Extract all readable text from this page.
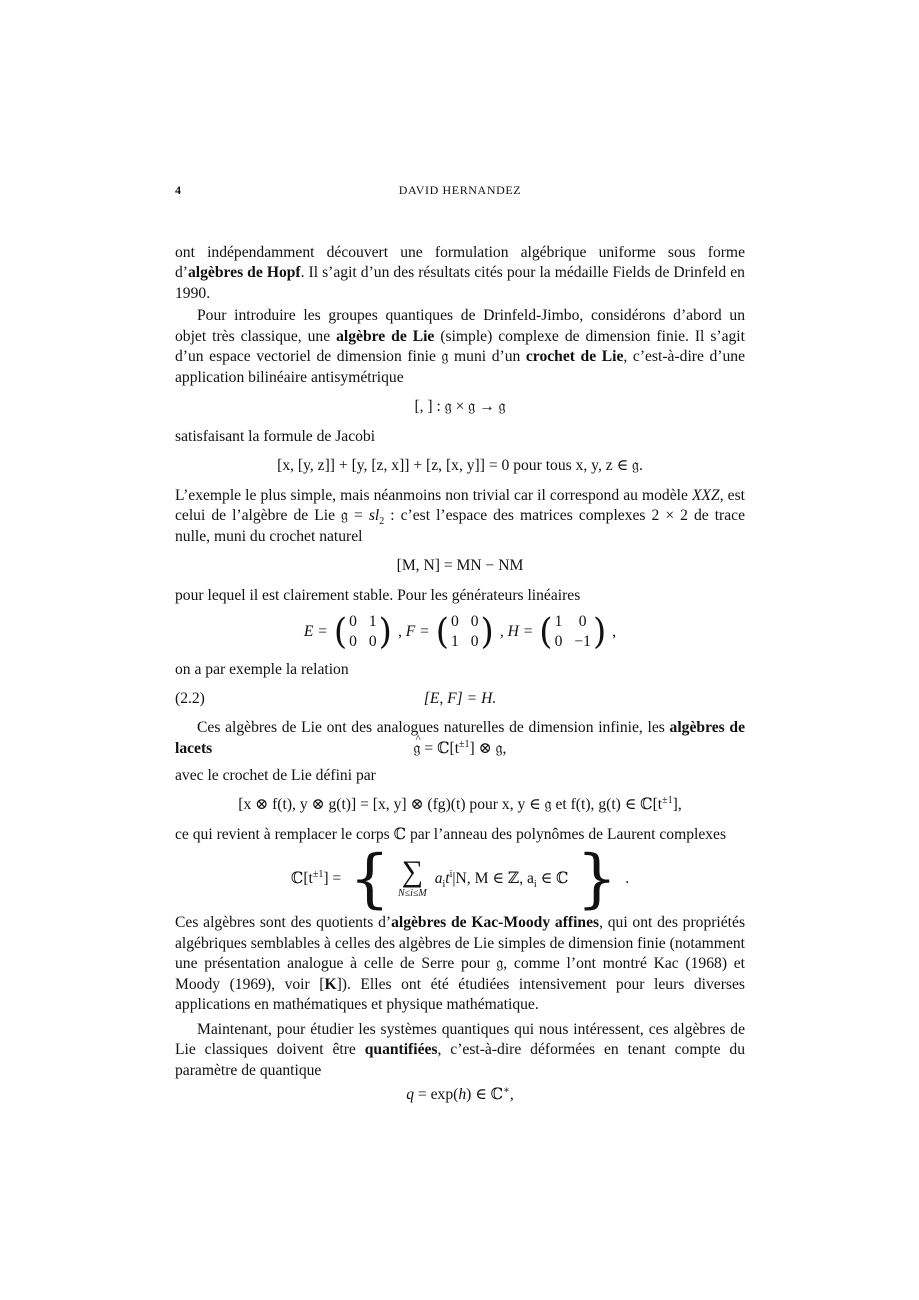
4	DAVID HERNANDEZ

ont indépendamment découvert une formulation algébrique uniforme sous forme d’algèbres de Hopf. Il s’agit d’un des résultats cités pour la médaille Fields de Drinfeld en 1990.

Pour introduire les groupes quantiques de Drinfeld-Jimbo, considérons d’abord un objet très classique, une algèbre de Lie (simple) complexe de dimension finie. Il s’agit d’un espace vectoriel de dimension finie 𝔤 muni d’un crochet de Lie, c’est-à-dire d’une application bilinéaire antisymétrique

[, ] : 𝔤 × 𝔤 → 𝔤

satisfaisant la formule de Jacobi

[x, [y, z]] + [y, [z, x]] + [z, [x, y]] = 0 pour tous x, y, z ∈ 𝔤.

L’exemple le plus simple, mais néanmoins non trivial car il correspond au modèle XXZ, est celui de l’algèbre de Lie 𝔤 = $sl_2$ : c’est l’espace des matrices complexes 2 × 2 de trace nulle, muni du crochet naturel

[M, N] = MN − NM

pour lequel il est clairement stable. Pour les générateurs linéaires

E = ( 0 1
0 0 ) , F = ( 0 0
1 0 ) , H = ( 1 0
0 −1 ) ,

on a par exemple la relation

(2.2)	[E, F] = H.

Ces algèbres de Lie ont des analogues naturelles de dimension infinie, les algèbres de lacets

^	𝔤 = $ℂ[t^{\pm 1}]$ ⊗ 𝔤,

avec le crochet de Lie défini par

[x ⊗ f(t), y ⊗ g(t)] = [x, y] ⊗ (fg)(t) pour x, y ∈ 𝔤 et f(t), g(t) ∈ $ℂ[t^{\pm 1}]$,

ce qui revient à remplacer le corps ℂ par l’anneau des polynômes de Laurent complexes

$ℂ[t^{\pm 1}]$ = { ∑
N≤i≤M
$a_it^i|N$, M ∈ ℤ, $a_i$ ∈ ℂ } .

Ces algèbres sont des quotients d’algèbres de Kac-Moody affines, qui ont des propriétés algébriques semblables à celles des algèbres de Lie simples de dimension finie (notamment une présentation analogue à celle de Serre pour 𝔤, comme l’ont montré Kac (1968) et Moody (1969), voir [K]). Elles ont été étudiées intensivement pour leurs diverses applications en mathématiques et physique mathématique.

Maintenant, pour étudier les systèmes quantiques qui nous intéressent, ces algèbres de Lie classiques doivent être quantifiées, c’est-à-dire déformées en tenant compte du paramètre de quantique

q = exp(h) ∈ ℂ∗,
